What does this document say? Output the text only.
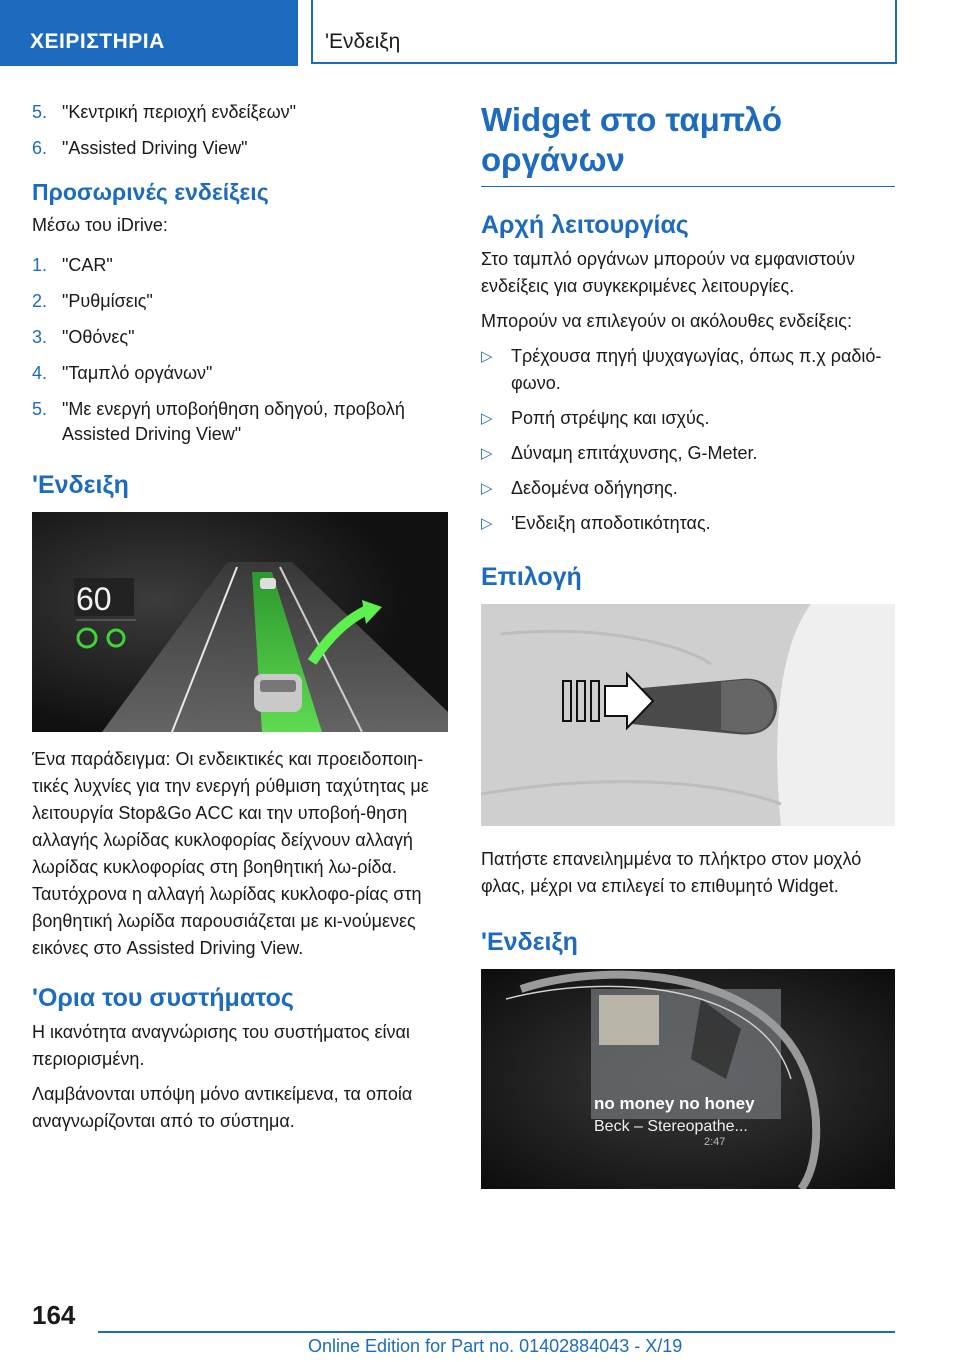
ΧΕΙΡΙΣΤΗΡΙΑ	'Ενδειξη
5. "Κεντρική περιοχή ενδείξεων"
6. "Assisted Driving View"
Προσωρινές ενδείξεις

Μέσω του iDrive:

1. "CAR"
2. "Ρυθμίσεις"
3. "Οθόνες"
4. "Ταμπλό οργάνων"
5. "Με ενεργή υποβοήθηση οδηγού, προβολή Assisted Driving View"
'Ενδειξη
60

Ένα παράδειγμα: Οι ενδεικτικές και προειδοποιη-τικές λυχνίες για την ενεργή ρύθμιση ταχύτητας με λειτουργία Stop&Go ACC και την υποβοή-θηση αλλαγής λωρίδας κυκλοφορίας δείχνουν αλλαγή λωρίδας κυκλοφορίας στη βοηθητική λω-ρίδα. Ταυτόχρονα η αλλαγή λωρίδας κυκλοφο-ρίας στη βοηθητική λωρίδα παρουσιάζεται με κι-νούμενες εικόνες στο Assisted Driving View.

'Ορια του συστήματος

Η ικανότητα αναγνώρισης του συστήματος είναι περιορισμένη.

Λαμβάνονται υπόψη μόνο αντικείμενα, τα οποία αναγνωρίζονται από το σύστημα.

Widget στο ταμπλό οργάνων
Αρχή λειτουργίας

Στο ταμπλό οργάνων μπορούν να εμφανιστούν ενδείξεις για συγκεκριμένες λειτουργίες.

Μπορούν να επιλεγούν οι ακόλουθες ενδείξεις:

▷ Τρέχουσα πηγή ψυχαγωγίας, όπως π.χ ραδιό-φωνο.
▷ Ροπή στρέψης και ισχύς.
▷ Δύναμη επιτάχυνσης, G-Meter.
▷ Δεδομένα οδήγησης.
▷ 'Ενδειξη αποδοτικότητας.
Επιλογή

Πατήστε επανειλημμένα το πλήκτρο στον μοχλό φλας, μέχρι να επιλεγεί το επιθυμητό Widget.

'Ενδειξη
no money no honey
Beck – Stereopathe...
2:47
164
Online Edition for Part no. 01402884043 - X/19
